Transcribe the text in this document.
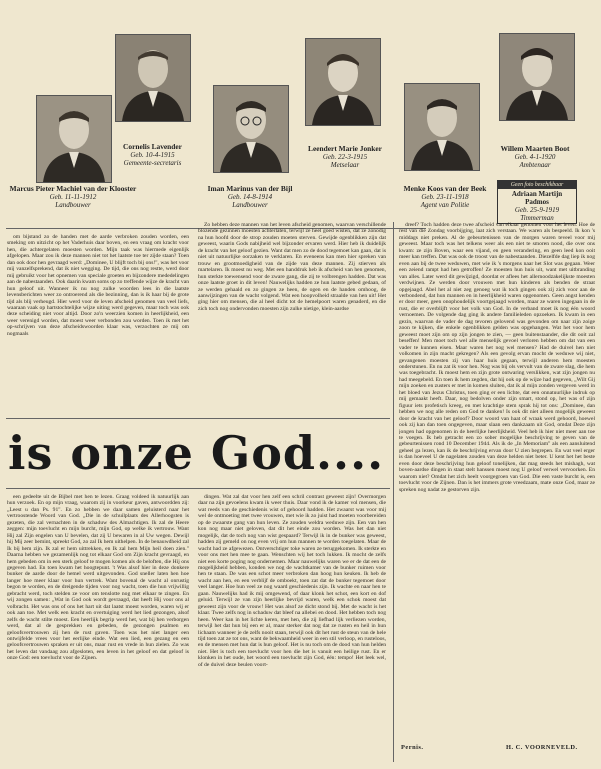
Marcus Pieter Machiel van der Klooster
Geb. 11-11-1912
Landbouwer
Cornelis Lavender
Geb. 10-4-1915
Gemeente-secretaris
Iman Marinus van der Bijl
Geb. 14-8-1914
Landbouwer
Leendert Marie Jonker
Geb. 22-3-1915
Metselaar
Menke Koos van der Beek
Geb. 23-11-1918
Agent van Politie
Willem Maarten Boot
Geb. 4-1-1920
Ambtenaar
Geen foto beschikbaar
Adriaan Martijn Padmos
Geb. 25-9-1919
Timmerman

om bijstand zo de handen met de aarde verbroken zouden worden, een smeking om uitzicht op het Vaderhuis daar boven, en een vraag om kracht voor hen, die achtergelaten moesten worden. Mijn taak was hiermede eigenlijk afgelopen. Maar zou ik deze mannen niet tot het laatste toe ter zijde staan? Toen dan ook door hen gevraagd werd: „Dominee, U blijft toch bij ons!", was het voor mij vanzelfsprekend, dat ik niet wegging. De tijd, die ons nog restte, werd door mij gebruikt voor het opnemen van speciale groeten en bijzondere mededelingen aan de nabestaanden. Ook daarin kwam soms op zo treffende wijze de kracht van hun geloof uit. Wanneer ik nu nog zulke woorden lees in die laatste levensberichten weer zo ontroerend als die bezinning, dan is ik haar bij de grote tijd als blij verheugd. Hier werd voor de leven afscheid genomen van veel liefs, waaraan vaak op hartstochtelijke wijze uiting werd gegeven, maar toch was ook deze scheiding niet voor altijd. Door zo'n weerzien komen in heerlijkheid, een weer verenigd worden, dat moest weer verbonden zou worden. Toen ik met het op-schrijven van deze afscheidswoorden klaar was, verzochten ze mij om nogmaals

Zo hebben deze mannen van het leven afscheid genomen, waarvan verschillende blozende gezinnen moesten achterlaten, terwijl ze heel goed wisten, dat ze zonodig na hun hoofd door de strop zouden moeten sterven. Gewijde ogenblikken zijn dat geweest, waarin Gods nabijheid wel bijzonder ervaren werd. Hier heb ik duidelijk de kracht van het geloof gezien. Want dat men zo de dood tegemoet kan gaan, dat is niet uit natuurlijke oorzaken te verklaren. En eveneens kan men hier spreken van trouw en grootmoedigheid van de zijde van deze mannen. Zij stierven als martelaren. Ik moest nu weg. Met een handdruk heb ik afscheid van hen genomen, hun sterkte toewensend voor de zware gang, die zij te volbrengen hadden. Dat was onze laatste groet in dit leven! Nauwelijks hadden ze hun laatste gebed gedaan, of ze werden gehaald en zo gingen ze heen, de ogen en de handen omhoog, de aanwijzingen van de wacht volgend. Wat een hoopvolheid straalde van hen uit! Het ging hier om mensen, die al heel dicht tot de hemelpoort waren genaderd, en die zich toch nog ondervonden moesten zijn zulke nietige, klein-aardse

dreef? Toch hadden deze twee afscheid van elkaar genomen voor het leven. Hoe de rest van die Zondag voorbijging, laat zich verstaan. We waren als bespeeld. Ik kon 's middags niet preken. Al de gebeurtenissen van de morgen waren teveel voor mij geweest. Maar toch was het telkens weer als een niet te smoren nood, die over ons kwam: ze zijn Boven, waar een vijand, en geen verandering, en geen leed kon ooit meer kan treffen. Dat was ook de troost van de nabestaanden. Diezelfde dag liep ik nog even aan bij de twee weduwen, met wie ik 's morgens naar het Slot was gegaan. Weer een zeiend rampt had hen getroffen! Ze moesten hun huis uit, want met uitbranding van alles. Later werd dit gewijzigd, doordat er aflees het allernoodzakelijkste moesten verdwijnen. Ze werden door vrouwen met hun kinderen als benden de straat opgejaagd. Abel het al niet zeg genoeg wat ik toch gingen ook zij zich voor aan de verbondend, dat hun mannen en in heerlijkheid waren opgenomen. Geen angst kenden er door meer, geen onophoudelijk voortgejaagd worden, maar ze waren ingegaan in de rust, die er overblijft voor het volk van God. In de verband moet ik nog één woord vernoemen. De volgende dag ging ik andere familieleden opzoeken. Ik kwam in een gezin, waarvan de vader de dag tevoren gelovend was gevonden om naar zijn zoige zoon te kijken, die enkele ogenblikken gelden was opgehangen. Wat het voor hem geweest moet zijn om op zijn jongen te zien, — geen buitenstaander, die dit ooit zal beseffen! Men moet toch wel alle menselijk gevoel verloren hebben om dat van een vader te kunnen eisen. Maar waren het nog wel mensen? Had de duivel hen niet volkomen in zijn macht gekregen? Als een gevolg ervan mocht de weduwe wij niet, gevangenen moesten zij van haar huis gegaan, terwijl anderen hem moesten onderstunen. En nu zat ik voor hen. Nog was bij ols vervult van de zware slag, die hem was toegebracht. Ik moest hem en zijn grote ontwaring verslikken, wat zijn jongen nu had meegebeld. En toen ik hem zegden, dat hij ook op de wijze had gegeven, „Wilt Gij mijn zoeken en zusters er met in komen sluiten, dat ik al mijn zonden vergeven werd in het bloed van Jezus Christus, toen ging er een lichte, dat een onnatuurlijke indruk op mij gemaakt heeft. Daar, nog bedolven onder zijn smart, stond op, het was of zijn figuur iets profetisch kreeg, en met krachtige stem sprak hij tot ons: „Dominee, dan hebben we nog alle reden om God te danken! Is ook dit niet alleen mogelijk geweest door de kracht van het geloof? Door woord van haat of wraak werd gehoord, hoewel ook zij kan dan toen ongegeven, maar slaan een dankzaam uit God, omdat Deze zijn jongen had opgenomen in de heerlijke heerlijkheid. Veel heb ik hier niet meer aan toe te voegen. Ik heb getracht een zo sober mogelijke beschrijving te geven van de gebeurtenissen rond 10 December 1944. Als ik de „In Memoriam" als een aansluitend geheel ga lezen, kan ik de beschrijving ervan door U zien begrepen. En wat veel erger is dan hoeveel U de nagelaten zouden van deze helden niet beter. U kent het het beste even door deze beschrijving hun geloof tonelijken, dat mag steeds het mishagh, wat boven-aardse dingen in staat stelt hanssen moest nog U geloof verwel vervoorken. En waarom niet? Omdat het zich heelt voorgegroen van God. Die een vaste burcht is, een toevlucht voor de Zijnen. Dan is het immers grote vreedzaam, mate onze God, maar ze spreken nog nadat ze gestorven zijn.

Pernis.	H. C. VOORNEVELD.
is onze God....

een gedeelte uit de Bijbel met hen te lezen. Graag voldeed ik natuurlijk aan hun verzoek. En op mijn vraag, waarom zij in voorkeur gaven, antwoordden zij: „Leest u dan Ps. 91". En zo hebben we daar samen geluisterd naar het vertroostende Woord van God. „Die in de schuilplaats des Allerhoogsten is gezeten, die zal vernachten in de schaduw des Almachtigen. Ik zal de Heere zeggen: mijn toevlucht en mijn burcht, mijn God, op welke ik vertrouw. Want Hij zal Zijn engelen van U bevelen, dat zij U bewaren in al Uw wegen. Dewijl hij Mij zeer bemint, spreekt God, zo zal Ik hem uithelpen. In de benauwdheid zal Ik bij hem zijn. Ik zal er hem uittrekken, en Ik zal hem Mijn heil doen zien." Daarna hebben we gezamenlijk nog tot elkaar God om Zijn kracht gevraagd, en hem gebeden om in een sterk geloof te mogen komen als de beloften, die Hij ons gegeven had. En toen kwam het hoogtepunt. 't Was alsof hier in deze donkere bunker de aarde door de hemel werd uitgevonden. God sneller laten hen hoe langer hoe meer klaar voor hun vertrek. Want bovenal de wacht al onrustig begon te worden, en de dreigende tijden voor nog wacht, toen die hun vrijwillig gebracht werd, toch stelden ze voor om tenslotte nog met elkaar te zingen. En wij zongen samen: „Wat in God ook wordt gevraagd, dat heeft Hij voor ons al volbracht. Het was ons of ons het hart uit dat laatst moest worden, waren wij er ook aan toe. Met welk een kracht en overtuiging werd het lied gezongen, alsof zelfs de wacht stilte moest. Een heerlijk begrip werd het, wat bij hen verborgen werd, dat al de gesprekken en gebeden, de gezongen psalmen en geloofsvertrouwen zij hen de rust gaven. Toen was het niet langer een ontwijfelde vrees voor het eerlijke einde. Wat een lied, een gezang en een geloofsvertrouwen spraken er uit ons, maar rust en vrede in hun zielen. Zo was het leven dat vandaag zou afgesloten, een leven in het geloof en dat geloof is onze God: een toevlucht voor de Zijnen.

dingen. Wat zal dat voor hen zelf een schril contrast geweest zijn! Overmorgen daar na zijn gevoelens kwam ik weer thuis. Daar vond ik de kamer vol mensen, die wat reeds van de geschiedenis wist of gehoord hadden. Het zwaarst was voor mij wel de ontmoeting met twee vrouwen, met wie ik zo juist had moeten voorbereiden op de zwaarste gang van hun leven. Ze zouden weldra weduwe zijn. Een van hen kon nog maar niet geloven, dat dit het einde zou worden. Was het dan niet mogelijk, dat de toch nog van wist gespaard? Terwijl ik in de bunker was geweest, hadden zij gemeld on nog even vrij om hun mannen te worden toegelaten. Maar de wacht had ze afgewezen. Ontverschtiger toke waren ze teruggekomen. Ik sterkte en voor ons met hen mee te gaan. Wenschten wij het toch lukken. Ik mocht de zelfs niet een korte poging nog ondernemen. Maar nauwelijks waren we er de dat een de mogelijkheid hebben, konden we nog de wachtkamer van de bunker ruimen voor hen te staan. De was een schot meer verbroken dan hoog hun keuken. Ik heb de wacht aan hen, en een verblijf de omboekt, toen zat dat de bunker tegemoet door veel langer. Hoe hun veel ze nog waard geschiedenis zijn. Ik wachte en naar hen te gaan. Nauwelijks had ik mij omgewend, of daar klonk het schot, een kort en dof geluid. Terwijl ze van zijn heerlijke bevrijd waren, welk een schok moest dat geweest zijn voor de vrouw! Het was alsof ze dicht stond bij. Met de wacht is het klaar. Twee zelfs nog in schaduw dat bleef na allebei en dood. Het hebben toch nog heen. Weer kan in het lichte keren, met hen, die zij liefhad lijk verliezen worden, terwijl het dat hun bij een er al, maar sterker dat nog dat ze rusten en heil in hun lichaam wanneer je de zelfs nooit staan, terwijl ook dit het rust de steun van de hele tijd toen zat ze tot ons, want de bekwaamheid weer in een stil verloop, en rusteloos, en de mensen met hun dat is hun geloof. Het is nu toch om de dood van hun helden niet. Het is toch een toevlucht voor hen die het is vanuit een heilige rust. En er klonken in het oude, het woord een toevlucht zijn God, één: tempo! Het leek wel, of de duivel deze beulen voort-
